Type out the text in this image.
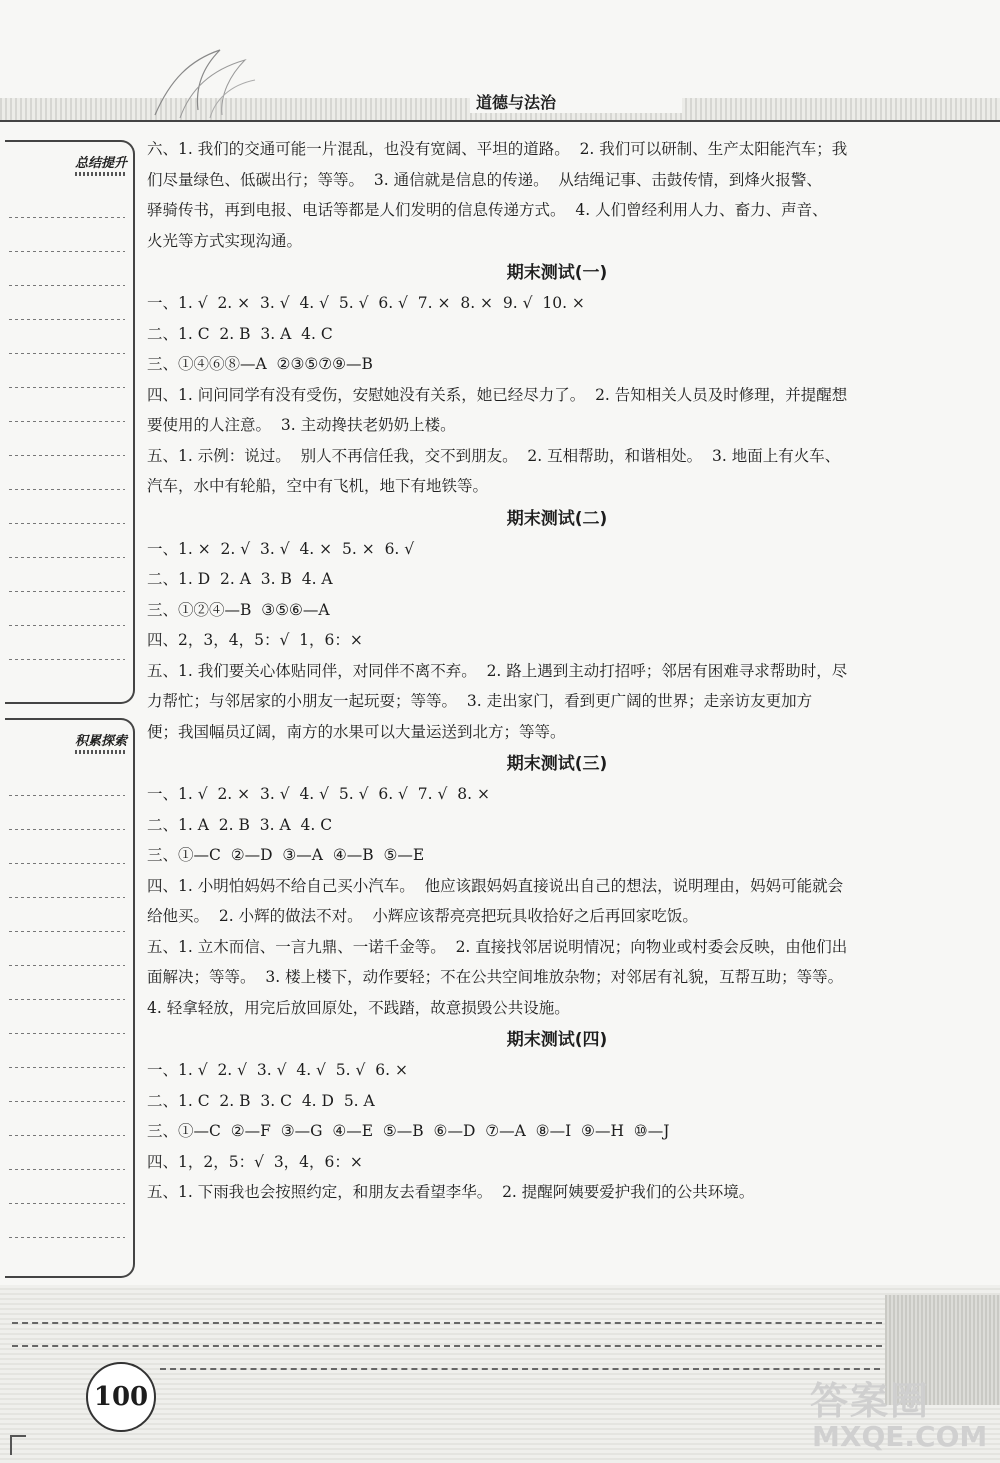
道德与法治
总结提升
积累探索

六、1. 我们的交通可能一片混乱，也没有宽阔、平坦的道路。  2. 我们可以研制、生产太阳能汽车；我

们尽量绿色、低碳出行；等等。  3. 通信就是信息的传递。  从结绳记事、击鼓传情，到烽火报警、

驿骑传书，再到电报、电话等都是人们发明的信息传递方式。  4. 人们曾经利用人力、畜力、声音、

火光等方式实现沟通。

期末测试(一)

一、1. √  2. ×  3. √  4. √  5. √  6. √  7. ×  8. ×  9. √  10. ×

二、1. C  2. B  3. A  4. C

三、①④⑥⑧—A  ②③⑤⑦⑨—B

四、1. 问问同学有没有受伤，安慰她没有关系，她已经尽力了。  2. 告知相关人员及时修理，并提醒想

要使用的人注意。  3. 主动搀扶老奶奶上楼。

五、1. 示例：说过。  别人不再信任我，交不到朋友。  2. 互相帮助，和谐相处。  3. 地面上有火车、

汽车，水中有轮船，空中有飞机，地下有地铁等。

期末测试(二)

一、1. ×  2. √  3. √  4. ×  5. ×  6. √

二、1. D  2. A  3. B  4. A

三、①②④—B  ③⑤⑥—A

四、2，3，4，5：√  1，6：×

五、1. 我们要关心体贴同伴，对同伴不离不弃。  2. 路上遇到主动打招呼；邻居有困难寻求帮助时，尽

力帮忙；与邻居家的小朋友一起玩耍；等等。  3. 走出家门，看到更广阔的世界；走亲访友更加方

便；我国幅员辽阔，南方的水果可以大量运送到北方；等等。

期末测试(三)

一、1. √  2. ×  3. √  4. √  5. √  6. √  7. √  8. ×

二、1. A  2. B  3. A  4. C

三、①—C  ②—D  ③—A  ④—B  ⑤—E

四、1. 小明怕妈妈不给自己买小汽车。  他应该跟妈妈直接说出自己的想法，说明理由，妈妈可能就会

给他买。  2. 小辉的做法不对。  小辉应该帮亮亮把玩具收拾好之后再回家吃饭。

五、1. 立木而信、一言九鼎、一诺千金等。  2. 直接找邻居说明情况；向物业或村委会反映，由他们出

面解决；等等。  3. 楼上楼下，动作要轻；不在公共空间堆放杂物；对邻居有礼貌，互帮互助；等等。

4. 轻拿轻放，用完后放回原处，不践踏，故意损毁公共设施。

期末测试(四)

一、1. √  2. √  3. √  4. √  5. √  6. ×

二、1. C  2. B  3. C  4. D  5. A

三、①—C  ②—F  ③—G  ④—E  ⑤—B  ⑥—D  ⑦—A  ⑧—I  ⑨—H  ⑩—J

四、1，2，5：√  3，4，6：×

五、1. 下雨我也会按照约定，和朋友去看望李华。  2. 提醒阿姨要爱护我们的公共环境。

100	答案圈
MXQE.COM
